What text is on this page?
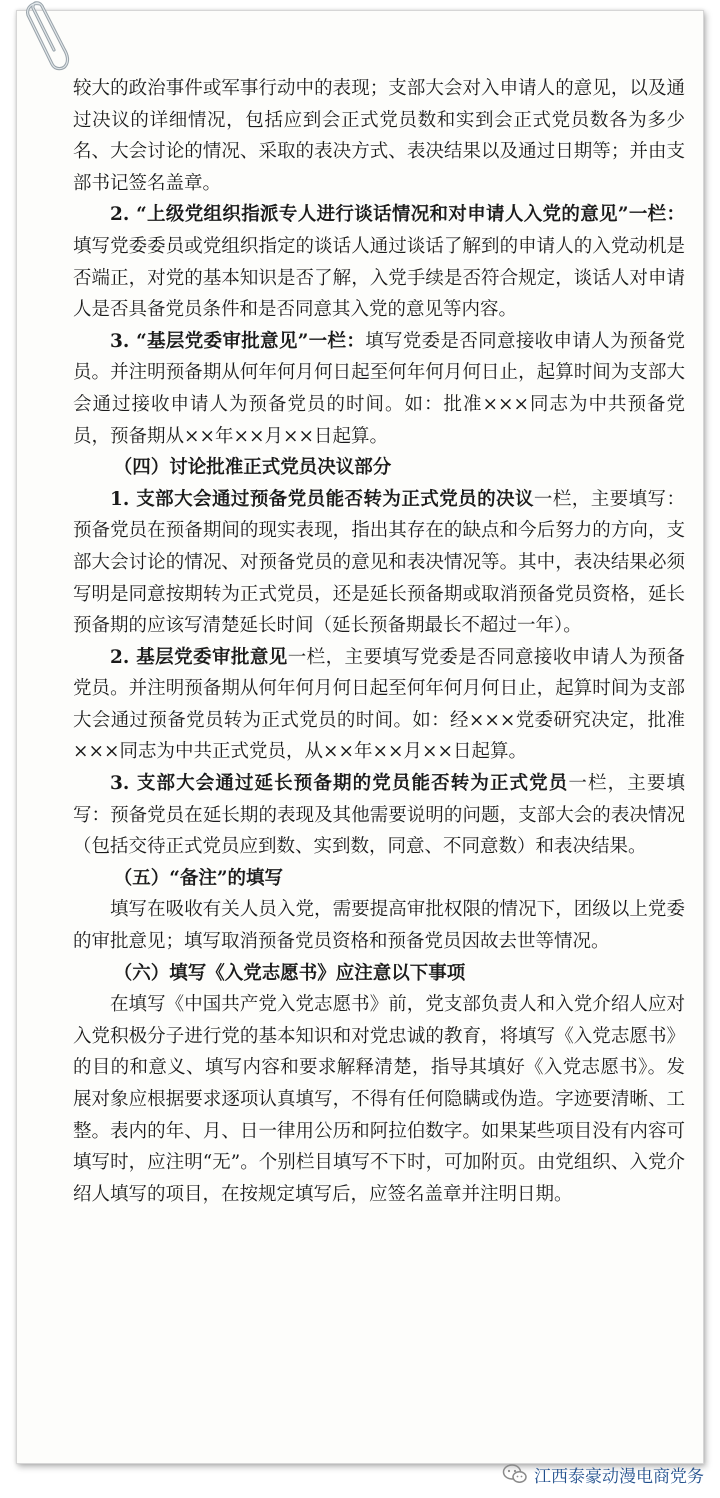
较大的政治事件或军事行动中的表现；支部大会对入申请人的意见，以及通过决议的详细情况，包括应到会正式党员数和实到会正式党员数各为多少名、大会讨论的情况、采取的表决方式、表决结果以及通过日期等；并由支部书记签名盖章。

2. “上级党组织指派专人进行谈话情况和对申请人入党的意见”一栏：填写党委委员或党组织指定的谈话人通过谈话了解到的申请人的入党动机是否端正，对党的基本知识是否了解，入党手续是否符合规定，谈话人对申请人是否具备党员条件和是否同意其入党的意见等内容。

3. “基层党委审批意见”一栏：填写党委是否同意接收申请人为预备党员。并注明预备期从何年何月何日起至何年何月何日止，起算时间为支部大会通过接收申请人为预备党员的时间。如：批准×××同志为中共预备党员，预备期从××年××月××日起算。

（四）讨论批准正式党员决议部分

1. 支部大会通过预备党员能否转为正式党员的决议一栏，主要填写：预备党员在预备期间的现实表现，指出其存在的缺点和今后努力的方向，支部大会讨论的情况、对预备党员的意见和表决情况等。其中，表决结果必须写明是同意按期转为正式党员，还是延长预备期或取消预备党员资格，延长预备期的应该写清楚延长时间（延长预备期最长不超过一年）。

2. 基层党委审批意见一栏，主要填写党委是否同意接收申请人为预备党员。并注明预备期从何年何月何日起至何年何月何日止，起算时间为支部大会通过预备党员转为正式党员的时间。如：经×××党委研究决定，批准×××同志为中共正式党员，从××年××月××日起算。

3. 支部大会通过延长预备期的党员能否转为正式党员一栏，主要填写：预备党员在延长期的表现及其他需要说明的问题，支部大会的表决情况（包括交待正式党员应到数、实到数，同意、不同意数）和表决结果。

（五）“备注”的填写

填写在吸收有关人员入党，需要提高审批权限的情况下，团级以上党委的审批意见；填写取消预备党员资格和预备党员因故去世等情况。

（六）填写《入党志愿书》应注意以下事项

在填写《中国共产党入党志愿书》前，党支部负责人和入党介绍人应对入党积极分子进行党的基本知识和对党忠诚的教育，将填写《入党志愿书》的目的和意义、填写内容和要求解释清楚，指导其填好《入党志愿书》。发展对象应根据要求逐项认真填写，不得有任何隐瞒或伪造。字迹要清晰、工整。表内的年、月、日一律用公历和阿拉伯数字。如果某些项目没有内容可填写时，应注明“无”。个别栏目填写不下时，可加附页。由党组织、入党介绍人填写的项目，在按规定填写后，应签名盖章并注明日期。

江西泰豪动漫电商党务
